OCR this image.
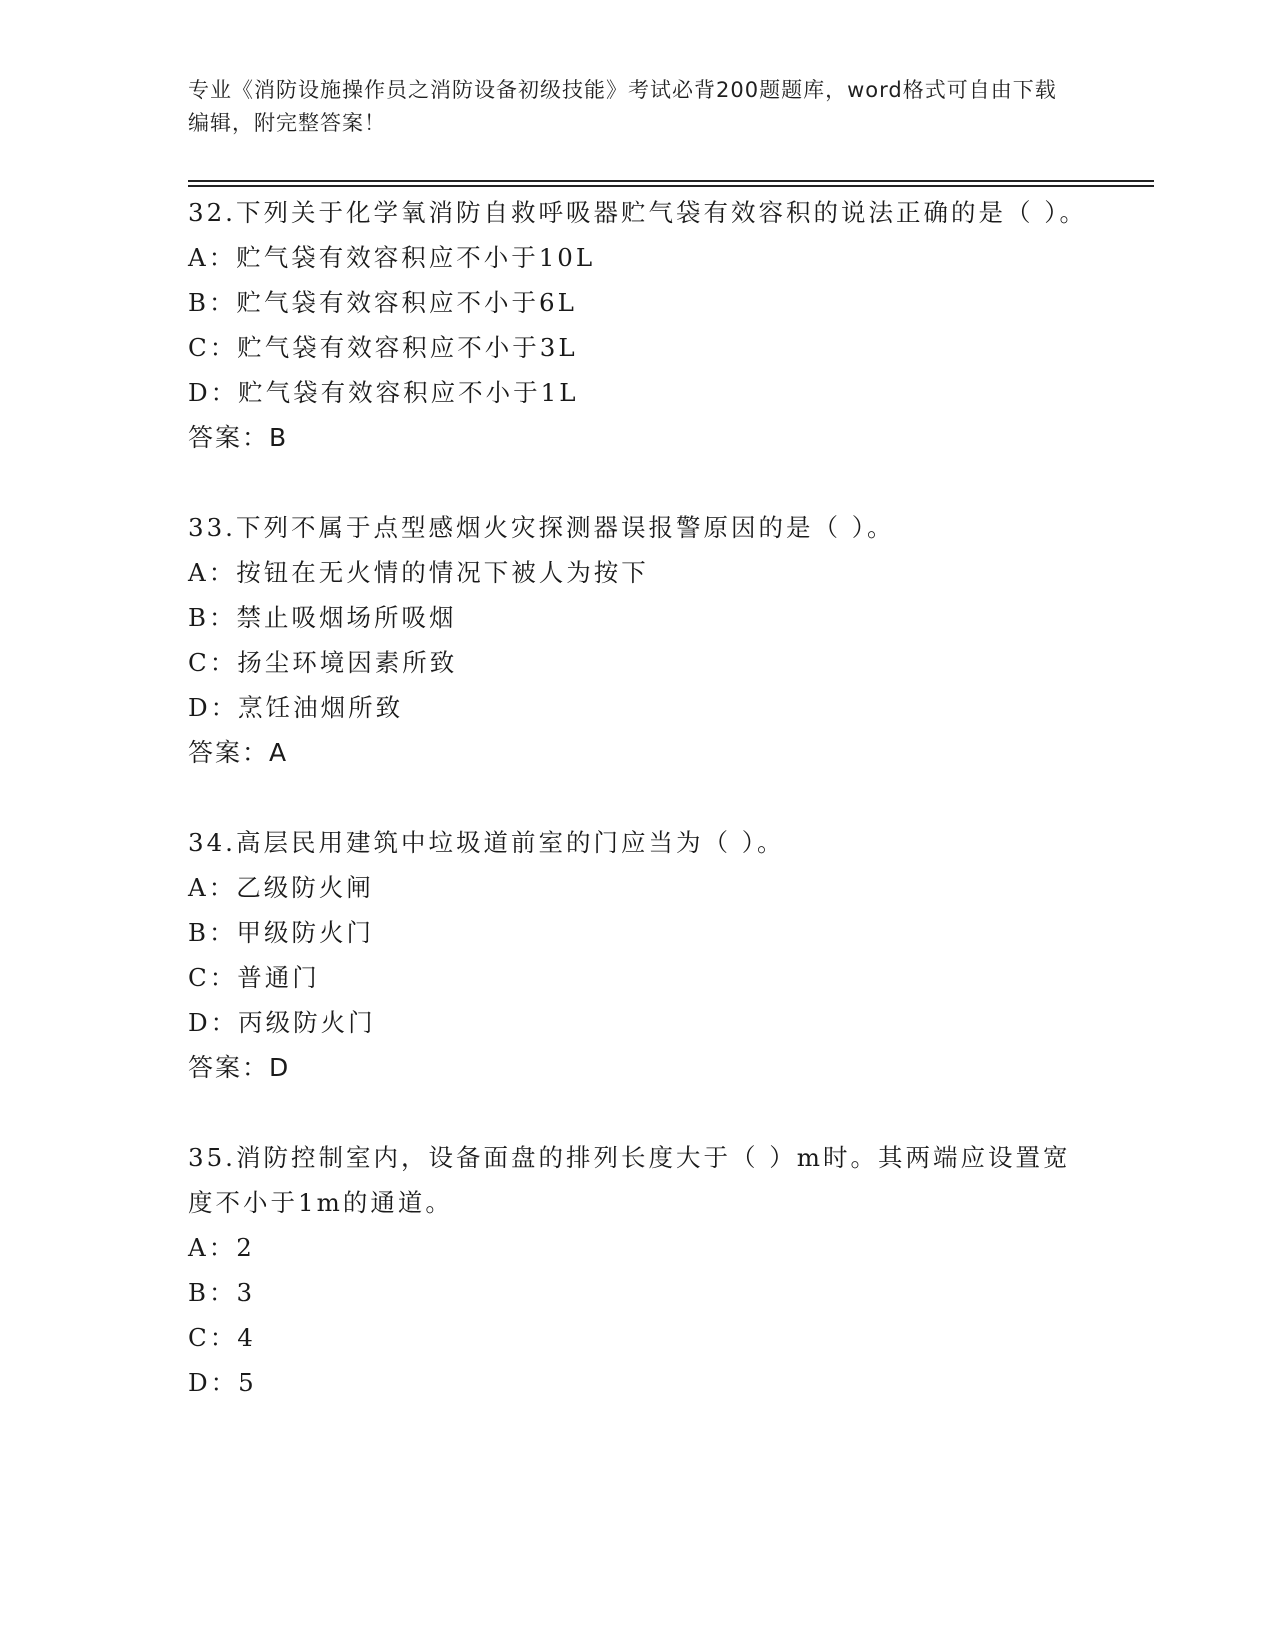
专业《消防设施操作员之消防设备初级技能》考试必背200题题库，word格式可自由下载编辑，附完整答案！

32.下列关于化学氧消防自救呼吸器贮气袋有效容积的说法正确的是（ ）。

A：贮气袋有效容积应不小于10L

B：贮气袋有效容积应不小于6L

C：贮气袋有效容积应不小于3L

D：贮气袋有效容积应不小于1L

答案：B

33.下列不属于点型感烟火灾探测器误报警原因的是（ ）。

A：按钮在无火情的情况下被人为按下

B：禁止吸烟场所吸烟

C：扬尘环境因素所致

D：烹饪油烟所致

答案：A

34.高层民用建筑中垃圾道前室的门应当为（ ）。

A：乙级防火闸

B：甲级防火门

C：普通门

D：丙级防火门

答案：D

35.消防控制室内，设备面盘的排列长度大于（ ）m时。其两端应设置宽度不小于1m的通道。

A：2

B：3

C：4

D：5
